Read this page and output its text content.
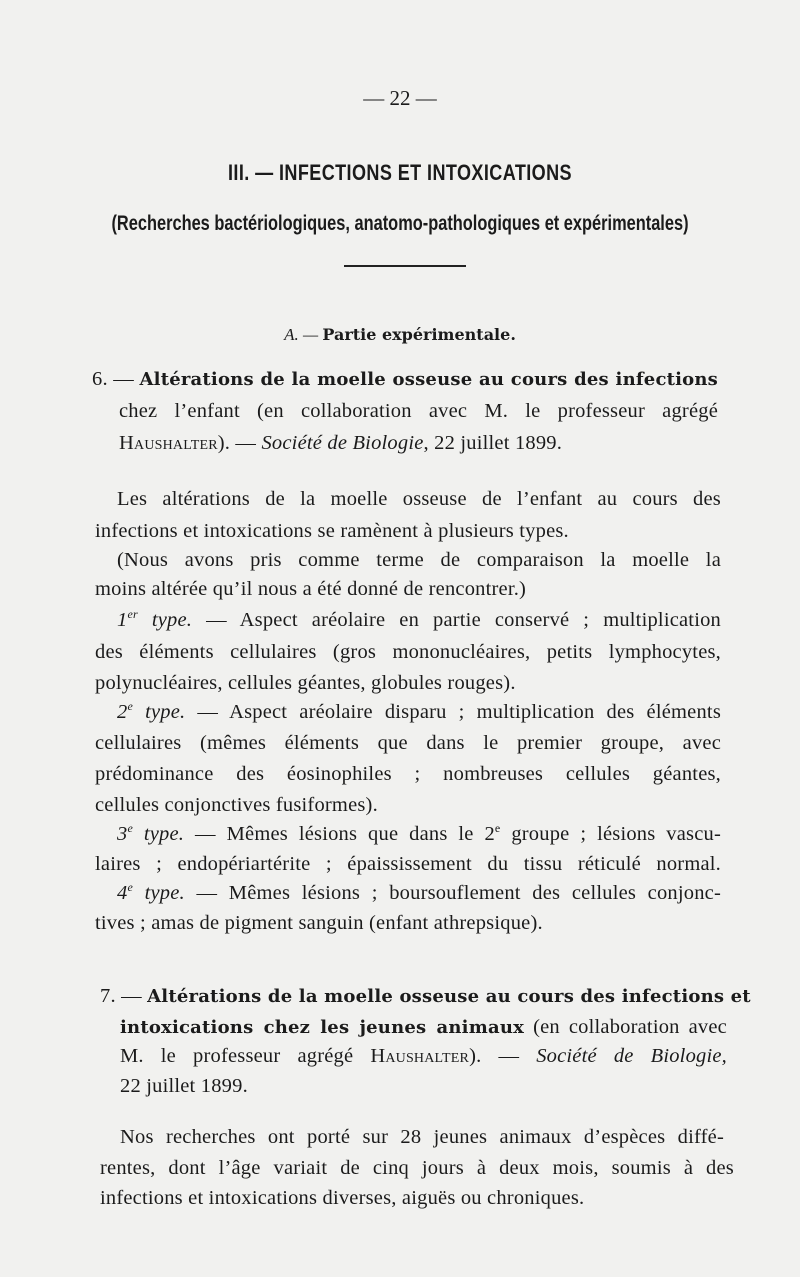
— 22 —
III. — INFECTIONS ET INTOXICATIONS
(Recherches bactériologiques, anatomo-pathologiques et expérimentales)
A. — Partie expérimentale.
6. — Altérations de la moelle osseuse au cours des infections
chez l’enfant (en collaboration avec M. le professeur agrégé
Haushalter). — Société de Biologie, 22 juillet 1899.
Les altérations de la moelle osseuse de l’enfant au cours des
infections et intoxications se ramènent à plusieurs types.
(Nous avons pris comme terme de comparaison la moelle la
moins altérée qu’il nous a été donné de rencontrer.)
1er type. — Aspect aréolaire en partie conservé ; multiplication
des éléments cellulaires (gros mononucléaires, petits lymphocytes,
polynucléaires, cellules géantes, globules rouges).
2e type. — Aspect aréolaire disparu ; multiplication des éléments
cellulaires (mêmes éléments que dans le premier groupe, avec
prédominance des éosinophiles ; nombreuses cellules géantes,
cellules conjonctives fusiformes).
3e type. — Mêmes lésions que dans le 2e groupe ; lésions vascu-
laires ; endopériartérite ; épaississement du tissu réticulé normal.
4e type. — Mêmes lésions ; boursouflement des cellules conjonc-
tives ; amas de pigment sanguin (enfant athrepsique).
7. — Altérations de la moelle osseuse au cours des infections et
intoxications chez les jeunes animaux (en collaboration avec
M. le professeur agrégé Haushalter). — Société de Biologie,
22 juillet 1899.
Nos recherches ont porté sur 28 jeunes animaux d’espèces diffé-
rentes, dont l’âge variait de cinq jours à deux mois, soumis à des
infections et intoxications diverses, aiguës ou chroniques.
